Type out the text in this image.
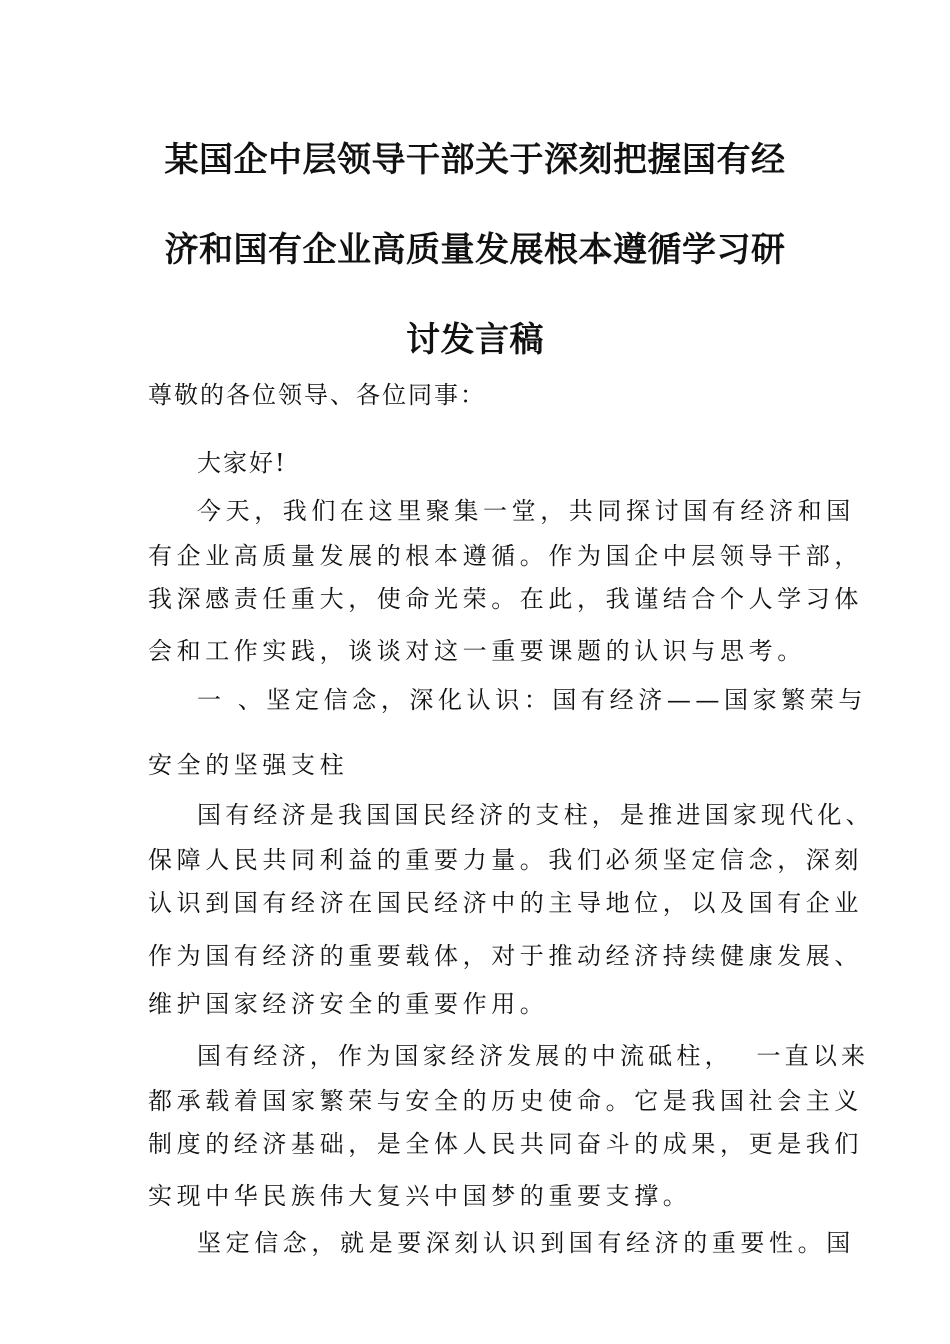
某国企中层领导干部关于深刻把握国有经
济和国有企业高质量发展根本遵循学习研
讨发言稿
尊敬的各位领导、各位同事：
大家好!
今天，我们在这里聚集一堂，共同探讨国有经济和国
有企业高质量发展的根本遵循。作为国企中层领导干部，
我深感责任重大，使命光荣。在此，我谨结合个人学习体
会和工作实践，谈谈对这一重要课题的认识与思考。
一 、坚定信念，深化认识：国有经济——国家繁荣与
安全的坚强支柱
国有经济是我国国民经济的支柱，是推进国家现代化、
保障人民共同利益的重要力量。我们必须坚定信念，深刻
认识到国有经济在国民经济中的主导地位，以及国有企业
作为国有经济的重要载体，对于推动经济持续健康发展、
维护国家经济安全的重要作用。
国有经济，作为国家经济发展的中流砥柱，  一直以来
都承载着国家繁荣与安全的历史使命。它是我国社会主义
制度的经济基础，是全体人民共同奋斗的成果，更是我们
实现中华民族伟大复兴中国梦的重要支撑。
坚定信念，就是要深刻认识到国有经济的重要性。国
